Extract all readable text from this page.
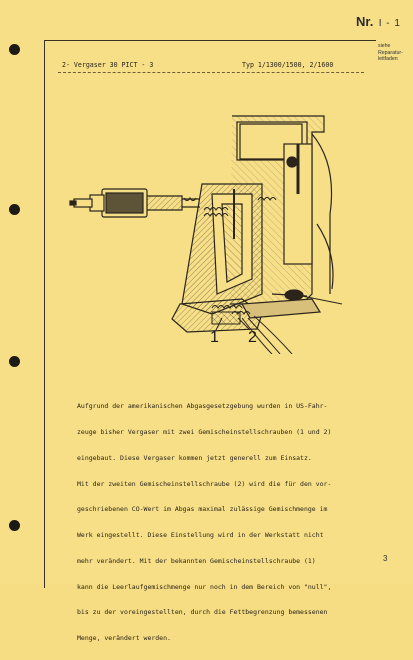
Nr. I - 1
siehe
Reparatur-
leitfaden
2- Vergaser 30 PICT - 3	Typ 1/1300/1500, 2/1600
1 2

Aufgrund der amerikanischen Abgasgesetzgebung wurden in US-Fahr-

zeuge bisher Vergaser mit zwei Gemischeinstellschrauben (1 und 2)

eingebaut. Diese Vergaser kommen jetzt generell zum Einsatz.

Mit der zweiten Gemischeinstellschraube (2) wird die für den vor-

geschriebenen CO-Wert im Abgas maximal zulässige Gemischmenge im

Werk eingestellt. Diese Einstellung wird in der Werkstatt nicht

mehr verändert. Mit der bekannten Gemischeinstellschraube (1)

kann die Leerlaufgemischmenge nur noch in dem Bereich von "null",

bis zu der voreingestellten, durch die Fettbegrenzung bemessenen

Menge, verändert werden.

3
